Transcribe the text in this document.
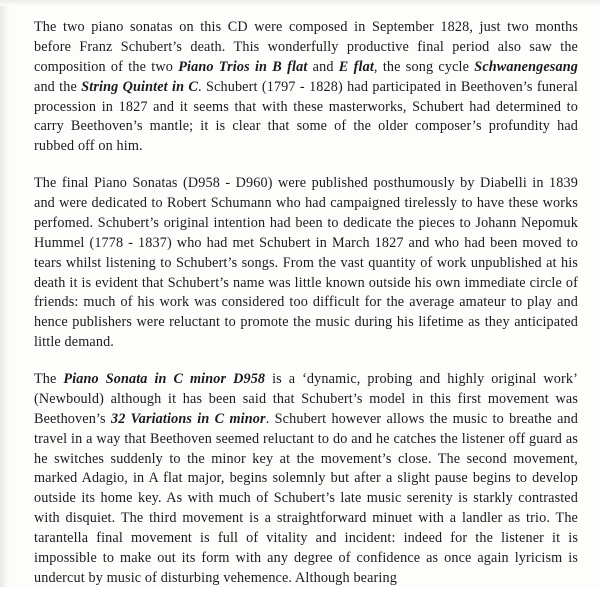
The two piano sonatas on this CD were composed in September 1828, just two months before Franz Schubert’s death. This wonderfully productive final period also saw the composition of the two Piano Trios in B flat and E flat, the song cycle Schwanengesang and the String Quintet in C. Schubert (1797 - 1828) had participated in Beethoven’s funeral procession in 1827 and it seems that with these masterworks, Schubert had determined to carry Beethoven’s mantle; it is clear that some of the older composer’s profundity had rubbed off on him.

The final Piano Sonatas (D958 - D960) were published posthumously by Diabelli in 1839 and were dedicated to Robert Schumann who had campaigned tirelessly to have these works perfomed. Schubert’s original intention had been to dedicate the pieces to Johann Nepomuk Hummel (1778 - 1837) who had met Schubert in March 1827 and who had been moved to tears whilst listening to Schubert’s songs. From the vast quantity of work unpublished at his death it is evident that Schubert’s name was little known outside his own immediate circle of friends: much of his work was considered too difficult for the average amateur to play and hence publishers were reluctant to promote the music during his lifetime as they anticipated little demand.

The Piano Sonata in C minor D958 is a ‘dynamic, probing and highly original work’ (Newbould) although it has been said that Schubert’s model in this first movement was Beethoven’s 32 Variations in C minor. Schubert however allows the music to breathe and travel in a way that Beethoven seemed reluctant to do and he catches the listener off guard as he switches suddenly to the minor key at the movement’s close. The second movement, marked Adagio, in A flat major, begins solemnly but after a slight pause begins to develop outside its home key. As with much of Schubert’s late music serenity is starkly contrasted with disquiet. The third movement is a straightforward minuet with a landler as trio. The tarantella final movement is full of vitality and incident: indeed for the listener it is impossible to make out its form with any degree of confidence as once again lyricism is undercut by music of disturbing vehemence. Although bearing
